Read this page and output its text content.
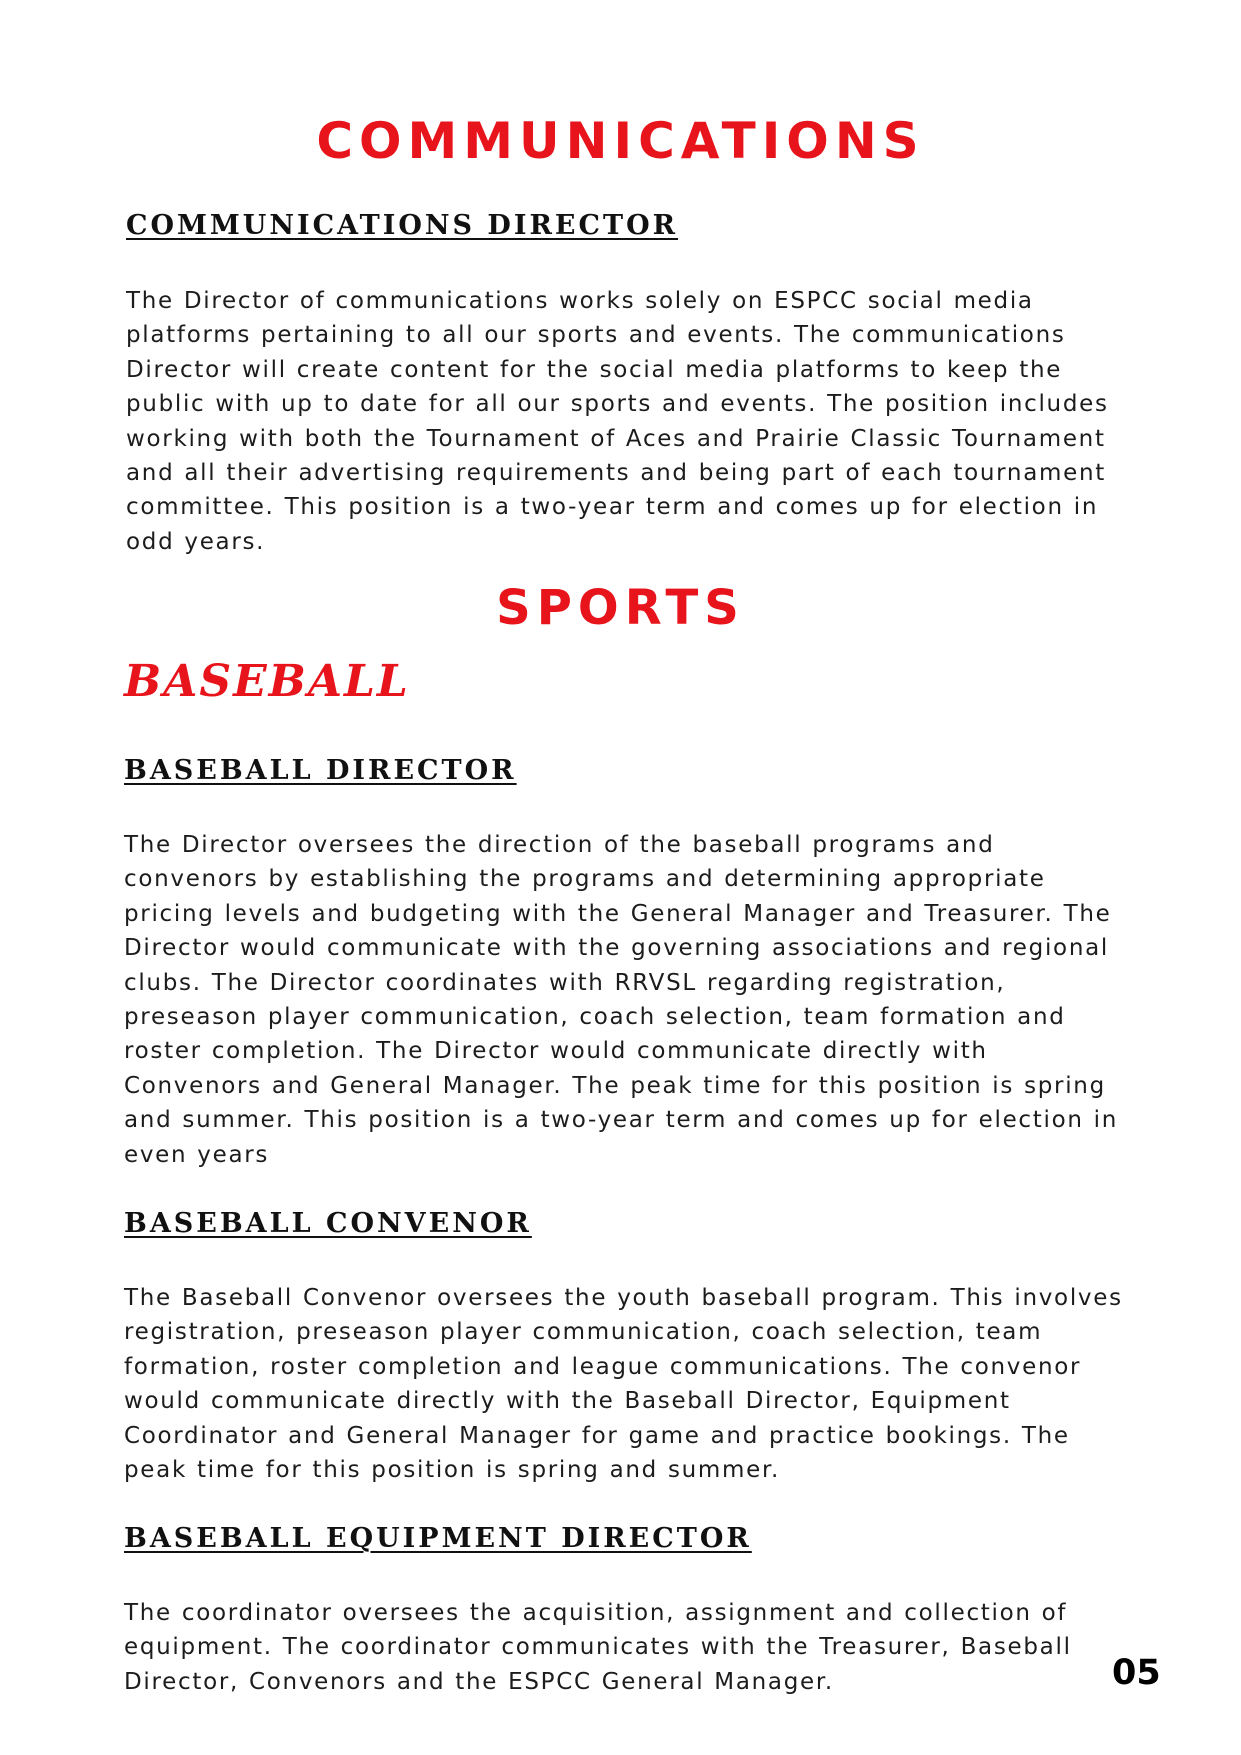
COMMUNICATIONS
COMMUNICATIONS DIRECTOR

The Director of communications works solely on ESPCC social media platforms pertaining to all our sports and events. The communications Director will create content for the social media platforms to keep the public with up to date for all our sports and events. The position includes working with both the Tournament of Aces and Prairie Classic Tournament and all their advertising requirements and being part of each tournament committee. This position is a two-year term and comes up for election in odd years.

SPORTS
BASEBALL
BASEBALL DIRECTOR

The Director oversees the direction of the baseball programs and convenors by establishing the programs and determining appropriate pricing levels and budgeting with the General Manager and Treasurer. The Director would communicate with the governing associations and regional clubs. The Director coordinates with RRVSL regarding registration, preseason player communication, coach selection, team formation and roster completion. The Director would communicate directly with Convenors and General Manager. The peak time for this position is spring and summer. This position is a two-year term and comes up for election in even years

BASEBALL CONVENOR

The Baseball Convenor oversees the youth baseball program. This involves registration, preseason player communication, coach selection, team formation, roster completion and league communications. The convenor would communicate directly with the Baseball Director, Equipment Coordinator and General Manager for game and practice bookings. The peak time for this position is spring and summer.

BASEBALL EQUIPMENT DIRECTOR

The coordinator oversees the acquisition, assignment and collection of equipment. The coordinator communicates with the Treasurer, Baseball Director, Convenors and the ESPCC General Manager.	05
